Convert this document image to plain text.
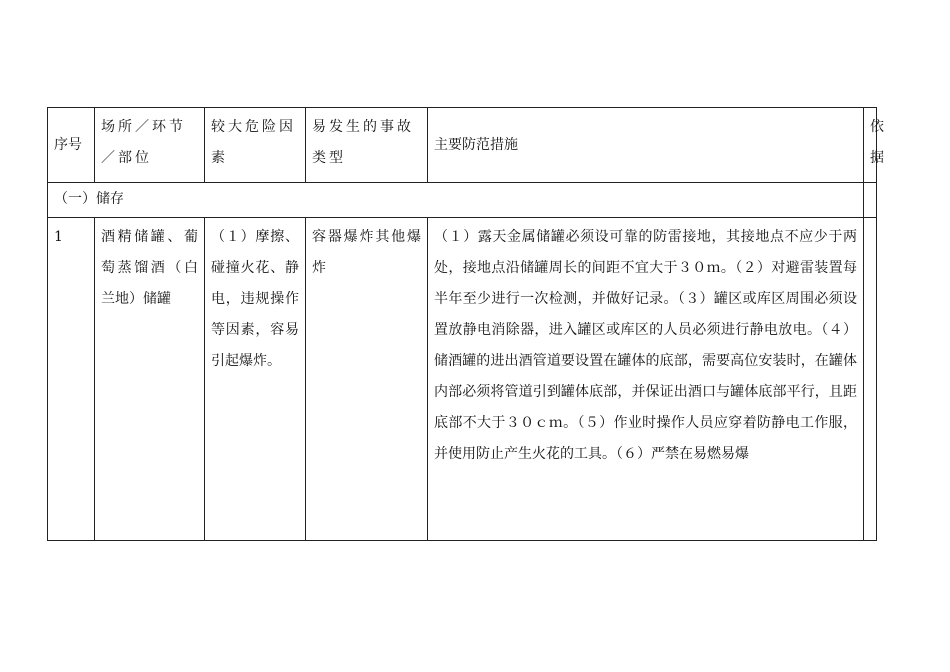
序号	场所／环节／部位	较大危险因素	易发生的事故类型	主要防范措施	依据
（一）储存					
1	酒精储罐、葡萄蒸馏酒（白兰地）储罐	（１）摩擦、碰撞火花、静电，违规操作等因素，容易引起爆炸。	容器爆炸其他爆炸	（１）露天金属储罐必须设可靠的防雷接地，其接地点不应少于两处，接地点沿储罐周长的间距不宜大于３０ｍ。（２）对避雷装置每半年至少进行一次检测，并做好记录。（３）罐区或库区周围必须设置放静电消除器，进入罐区或库区的人员必须进行静电放电。（４）储酒罐的进出酒管道要设置在罐体的底部，需要高位安装时，在罐体内部必须将管道引到罐体底部，并保证出酒口与罐体底部平行，且距底部不大于３０ｃｍ。（５）作业时操作人员应穿着防静电工作服，并使用防止产生火花的工具。（６）严禁在易燃易爆	
